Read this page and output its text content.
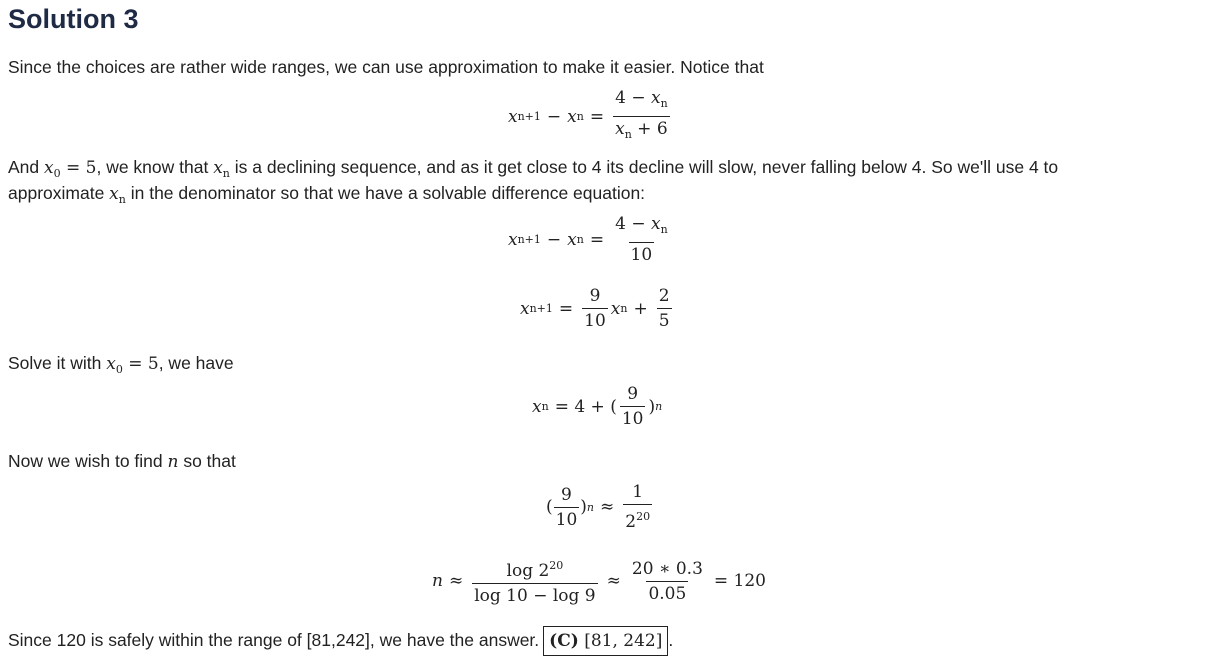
Solution 3

Since the choices are rather wide ranges, we can use approximation to make it easier. Notice that

x n+1 − x $n = \frac{4 - x_n}{x_n + 6}$

And $x_0 = 5$, we know that $x_n$ is a declining sequence, and as it get close to 4 its decline will slow, never falling below 4. So we'll use 4 to

approximate $x_n$ in the denominator so that we have a solvable difference equation:

x n+1 − x $n = \frac{4 - x_n}{10}$
x $n+1 = \frac{9}{10}$ x $n + \frac{2}{5}$

Solve it with $x_0 = 5$, we have

x n = 4 + ( $\frac{9}{10}$ ) n

Now we wish to find n so that

( $\frac{9}{10}$ ) $n \approx \frac{1}{2^{20}}$
$n \approx \frac{\log 2^{20}}{\log 10 - \log 9} \approx \frac{20 ∗ 0.3}{0.05} = 120$

Since 120 is safely within the range of [81,242], we have the answer. (C) [81, 242] .
